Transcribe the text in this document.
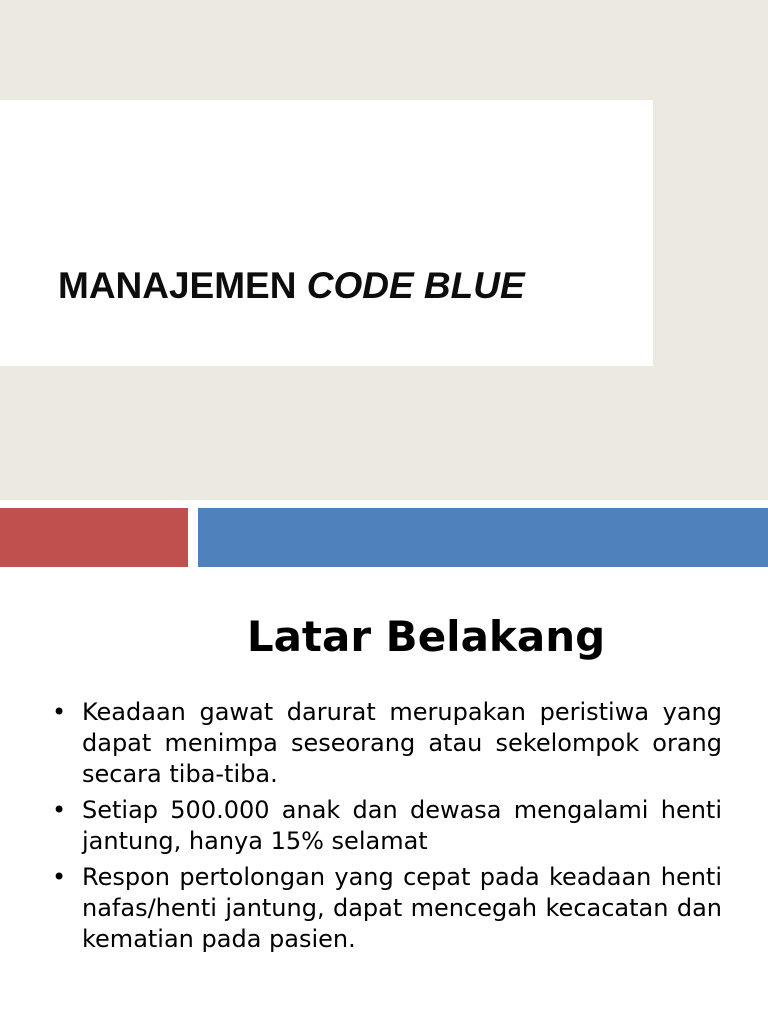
MANAJEMEN CODE BLUE
Latar Belakang
• Keadaan gawat darurat merupakan peristiwa yang dapat menimpa seseorang atau sekelompok orang secara tiba-tiba.
• Setiap 500.000 anak dan dewasa mengalami henti jantung, hanya 15% selamat
• Respon pertolongan yang cepat pada keadaan henti nafas/henti jantung, dapat mencegah kecacatan dan kematian pada pasien.
